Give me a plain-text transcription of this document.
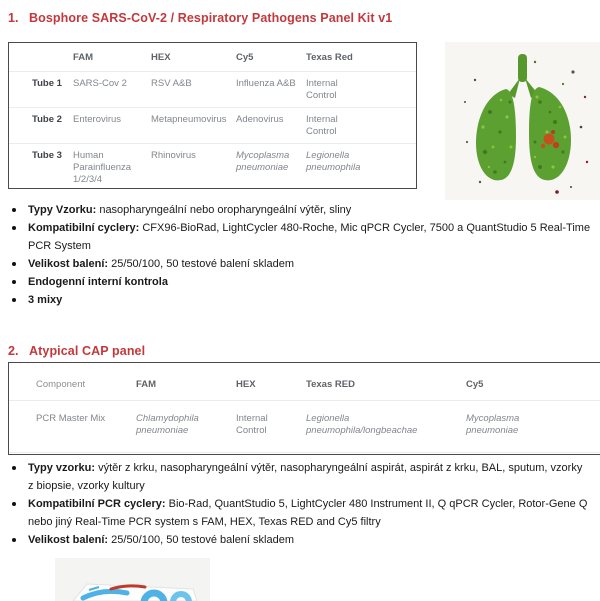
1. Bosphore SARS-CoV-2 / Respiratory Pathogens Panel Kit v1
	FAM	HEX	Cy5	Texas Red	
Tube 1	SARS-Cov 2	RSV A&B	Influenza A&B	Internal Control	
Tube 2	Enterovirus	Metapneumovirus	Adenovirus	Internal Control	
Tube 3	Human Parainfluenza 1/2/3/4	Rhinovirus	Mycoplasma pneumoniae	Legionella pneumophila	
Typy Vzorku: nasopharyngeální nebo oropharyngeální výtěr, sliny
Kompatibilní cyclery: CFX96-BioRad, LightCycler 480-Roche, Mic qPCR Cycler, 7500 a QuantStudio 5 Real-Time
PCR System
Velikost balení: 25/50/100, 50 testové balení skladem
Endogenní interní kontrola
3 mixy
2. Atypical CAP panel
Component	FAM	HEX	Texas RED	Cy5	
PCR Master Mix	Chlamydophila pneumoniae	Internal Control	Legionella pneumophila/longbeachae	Mycoplasma pneumoniae	
Typy vzorku: výtěr z krku, nasopharyngeální výtěr, nasopharyngeální aspirát, aspirát z krku, BAL, sputum, vzorky
z biopsie, vzorky kultury
Kompatibilní PCR cyclery: Bio-Rad, QuantStudio 5, LightCycler 480 Instrument II, Q qPCR Cycler, Rotor-Gene Q
nebo jiný Real-Time PCR system s FAM, HEX, Texas RED and Cy5 filtry
Velikost balení: 25/50/100, 50 testové balení skladem
